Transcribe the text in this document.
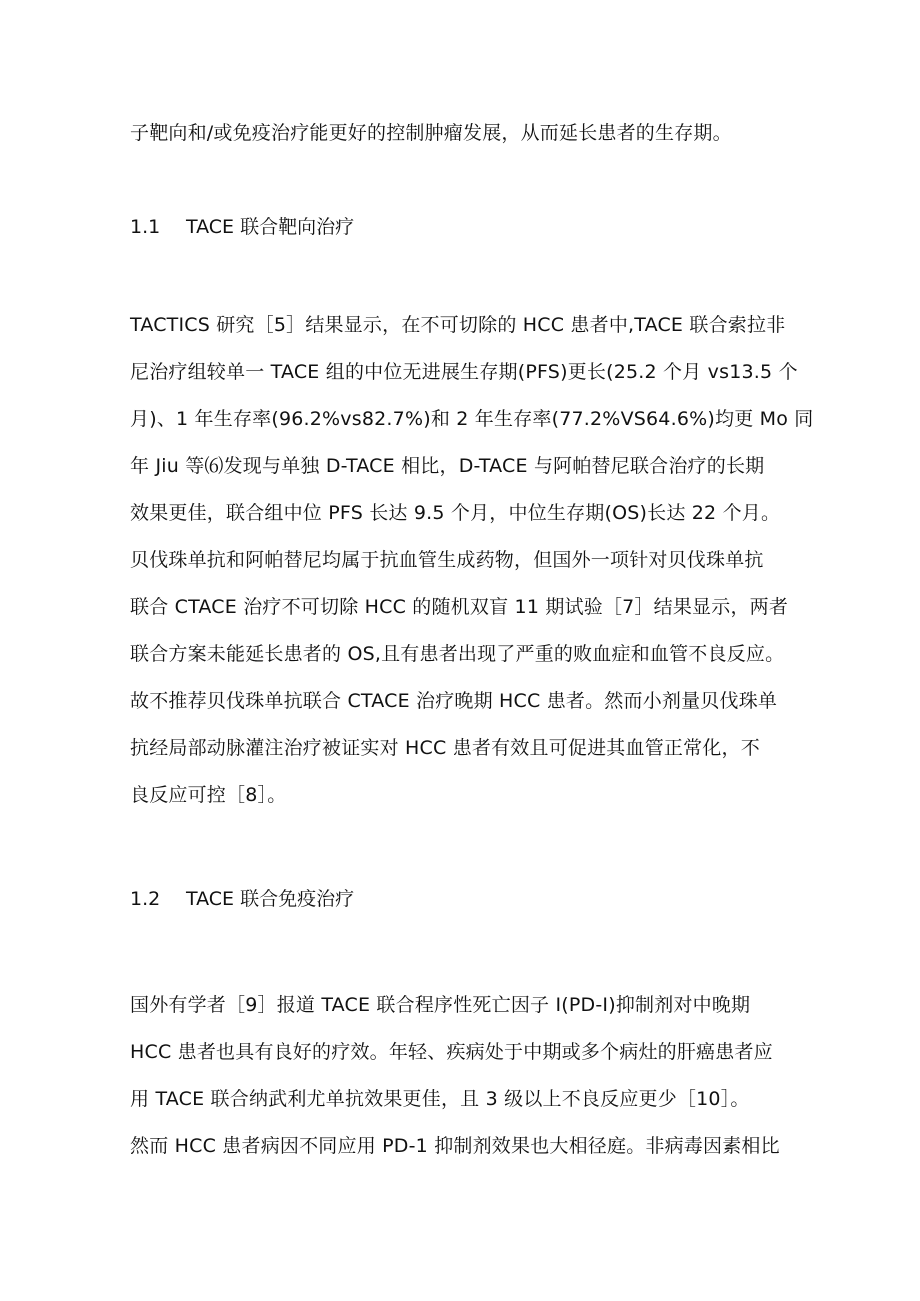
子靶向和/或免疫治疗能更好的控制肿瘤发展，从而延长患者的生存期。
1.1 TACE 联合靶向治疗
TACTICS 研究［5］结果显示，在不可切除的 HCC 患者中,TACE 联合索拉非
尼治疗组较单一 TACE 组的中位无进展生存期(PFS)更长(25.2 个月 vs13.5 个
月)、1 年生存率(96.2%vs82.7%)和 2 年生存率(77.2%VS64.6%)均更 Mo 同
年 Jiu 等⑹发现与单独 D-TACE 相比，D-TACE 与阿帕替尼联合治疗的长期
效果更佳，联合组中位 PFS 长达 9.5 个月，中位生存期(OS)长达 22 个月。
贝伐珠单抗和阿帕替尼均属于抗血管生成药物，但国外一项针对贝伐珠单抗
联合 CTACE 治疗不可切除 HCC 的随机双盲 11 期试验［7］结果显示，两者
联合方案未能延长患者的 OS,且有患者出现了严重的败血症和血管不良反应。
故不推荐贝伐珠单抗联合 CTACE 治疗晚期 HCC 患者。然而小剂量贝伐珠单
抗经局部动脉灌注治疗被证实对 HCC 患者有效且可促进其血管正常化，不
良反应可控［8］。
1.2 TACE 联合免疫治疗
国外有学者［9］报道 TACE 联合程序性死亡因子 I(PD-I)抑制剂对中晚期
HCC 患者也具有良好的疗效。年轻、疾病处于中期或多个病灶的肝癌患者应
用 TACE 联合纳武利尤单抗效果更佳，且 3 级以上不良反应更少［10］。
然而 HCC 患者病因不同应用 PD-1 抑制剂效果也大相径庭。非病毒因素相比
